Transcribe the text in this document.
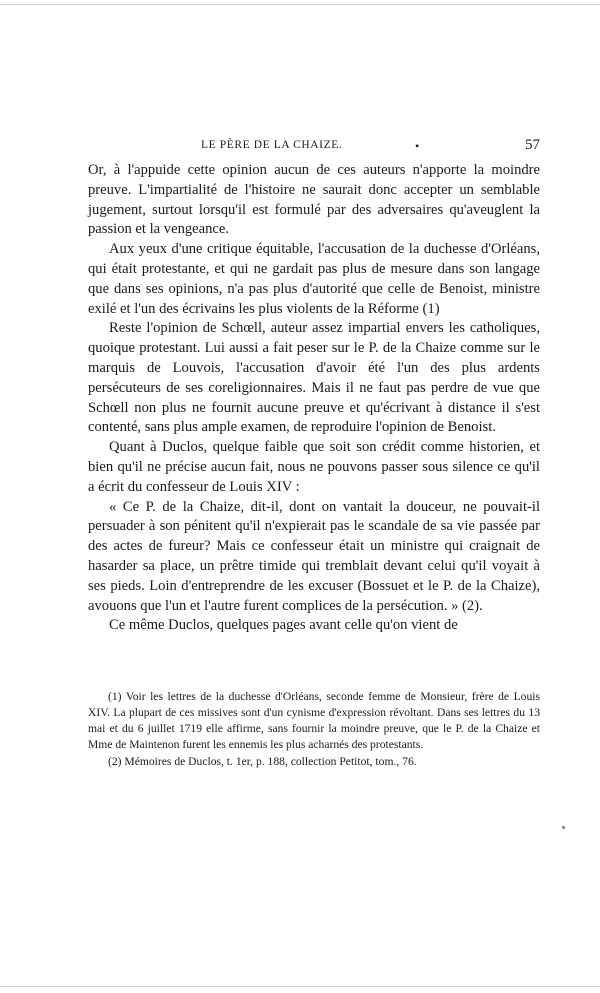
LE PÈRE DE LA CHAIZE.	•	57

Or, à l'appuide cette opinion aucun de ces auteurs n'apporte la moindre preuve. L'impartialité de l'histoire ne saurait donc accepter un semblable jugement, surtout lorsqu'il est formulé par des adversaires qu'aveuglent la passion et la vengeance.

Aux yeux d'une critique équitable, l'accusation de la duchesse d'Orléans, qui était protestante, et qui ne gardait pas plus de mesure dans son langage que dans ses opinions, n'a pas plus d'autorité que celle de Benoist, ministre exilé et l'un des écrivains les plus violents de la Réforme (1)

Reste l'opinion de Schœll, auteur assez impartial envers les catholiques, quoique protestant. Lui aussi a fait peser sur le P. de la Chaize comme sur le marquis de Louvois, l'accusation d'avoir été l'un des plus ardents persécuteurs de ses coreligionnaires. Mais il ne faut pas perdre de vue que Schœll non plus ne fournit aucune preuve et qu'écrivant à distance il s'est contenté, sans plus ample examen, de reproduire l'opinion de Benoist.

Quant à Duclos, quelque faible que soit son crédit comme historien, et bien qu'il ne précise aucun fait, nous ne pouvons passer sous silence ce qu'il a écrit du confesseur de Louis XIV :

« Ce P. de la Chaize, dit-il, dont on vantait la douceur, ne pouvait-il persuader à son pénitent qu'il n'expierait pas le scandale de sa vie passée par des actes de fureur? Mais ce confesseur était un ministre qui craignait de hasarder sa place, un prêtre timide qui tremblait devant celui qu'il voyait à ses pieds. Loin d'entreprendre de les excuser (Bossuet et le P. de la Chaize), avouons que l'un et l'autre furent complices de la persécution. » (2).

Ce même Duclos, quelques pages avant celle qu'on vient de

(1) Voir les lettres de la duchesse d'Orléans, seconde femme de Monsieur, frère de Louis XIV. La plupart de ces missives sont d'un cynisme d'expression révoltant. Dans ses lettres du 13 mai et du 6 juillet 1719 elle affirme, sans fournir la moindre preuve, que le P. de la Chaize et Mme de Maintenon furent les ennemis les plus acharnés des protestants.

(2) Mémoires de Duclos, t. 1er, p. 188, collection Petitot, tom., 76.
